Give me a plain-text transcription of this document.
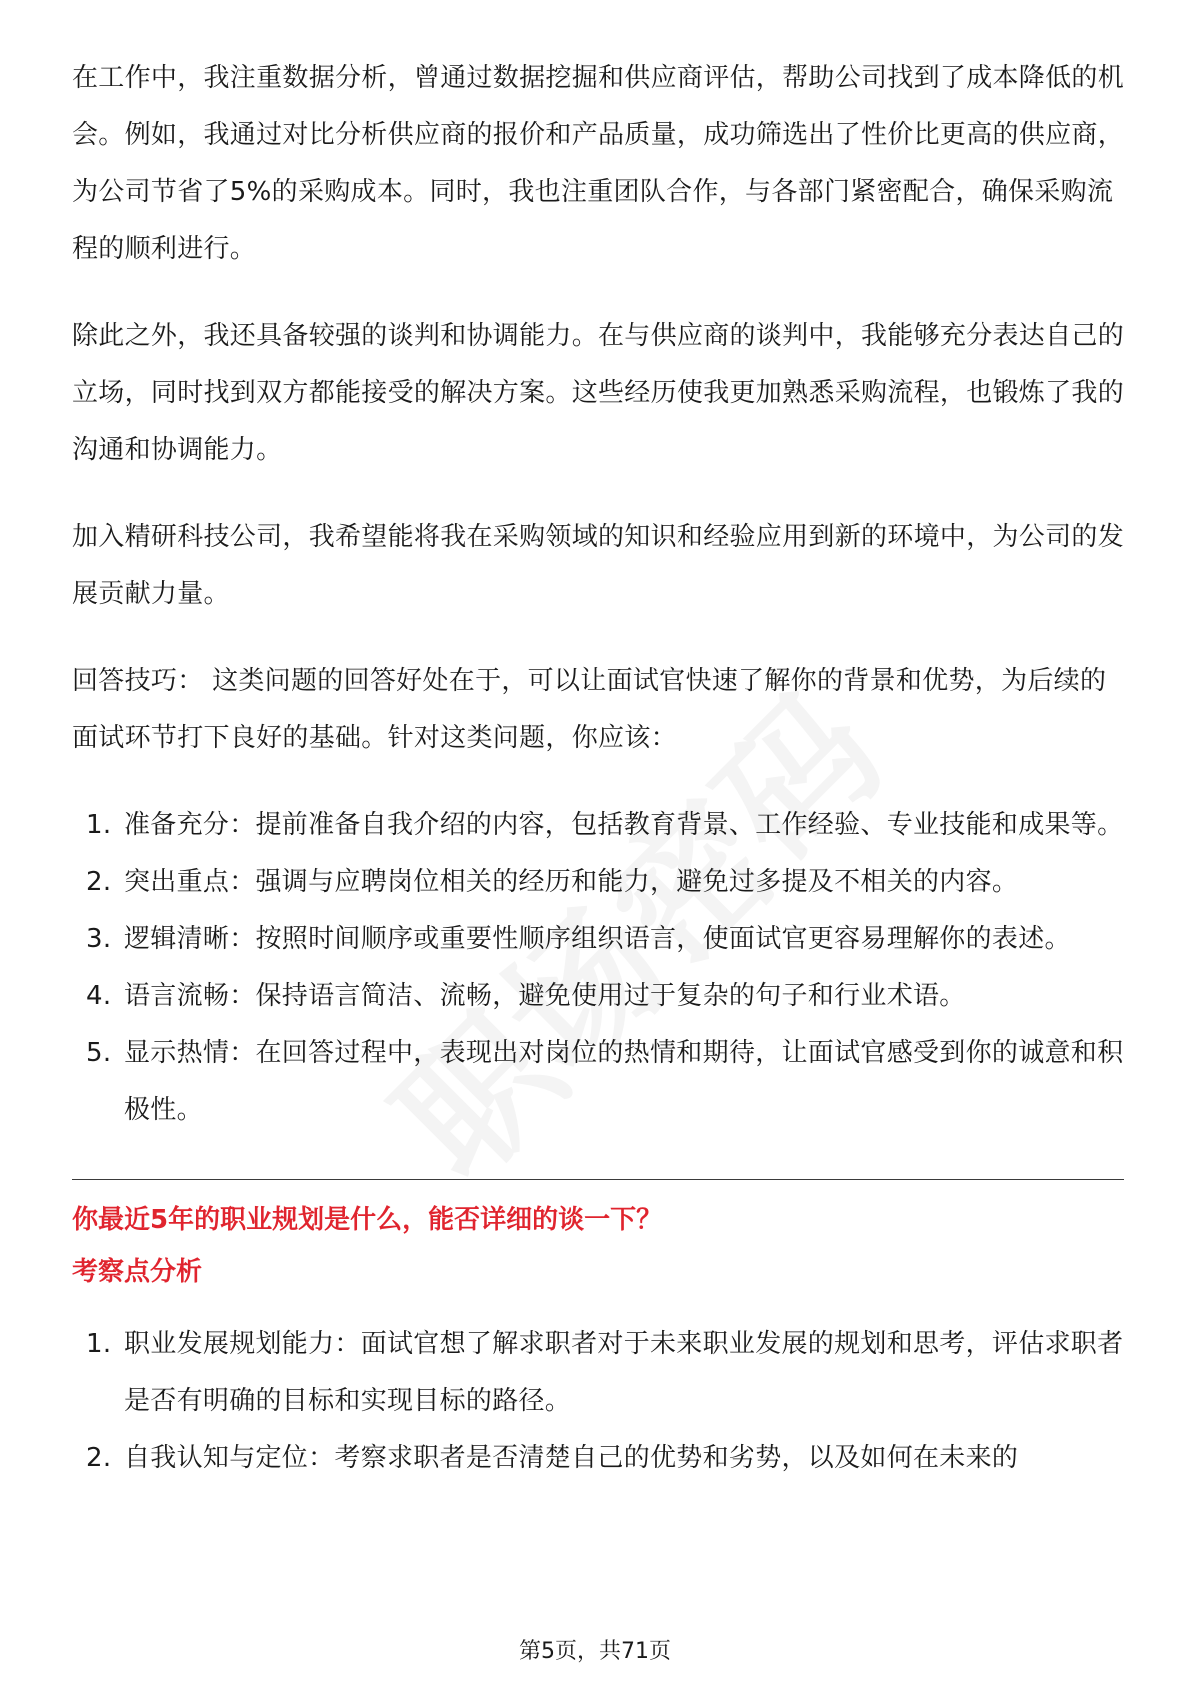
在工作中，我注重数据分析，曾通过数据挖掘和供应商评估，帮助公司找到了成本降低的机会。例如，我通过对比分析供应商的报价和产品质量，成功筛选出了性价比更高的供应商，为公司节省了5%的采购成本。同时，我也注重团队合作，与各部门紧密配合，确保采购流程的顺利进行。

除此之外，我还具备较强的谈判和协调能力。在与供应商的谈判中，我能够充分表达自己的立场，同时找到双方都能接受的解决方案。这些经历使我更加熟悉采购流程，也锻炼了我的沟通和协调能力。

加入精研科技公司，我希望能将我在采购领域的知识和经验应用到新的环境中，为公司的发展贡献力量。

回答技巧： 这类问题的回答好处在于，可以让面试官快速了解你的背景和优势，为后续的面试环节打下良好的基础。针对这类问题，你应该：

1. 准备充分：提前准备自我介绍的内容，包括教育背景、工作经验、专业技能和成果等。
2. 突出重点：强调与应聘岗位相关的经历和能力，避免过多提及不相关的内容。
3. 逻辑清晰：按照时间顺序或重要性顺序组织语言，使面试官更容易理解你的表述。
4. 语言流畅：保持语言简洁、流畅，避免使用过于复杂的句子和行业术语。
5. 显示热情：在回答过程中，表现出对岗位的热情和期待，让面试官感受到你的诚意和积极性。
你最近5年的职业规划是什么，能否详细的谈一下？
考察点分析
1. 职业发展规划能力：面试官想了解求职者对于未来职业发展的规划和思考，评估求职者是否有明确的目标和实现目标的路径。
2. 自我认知与定位：考察求职者是否清楚自己的优势和劣势，以及如何在未来的
第5页，共71页
